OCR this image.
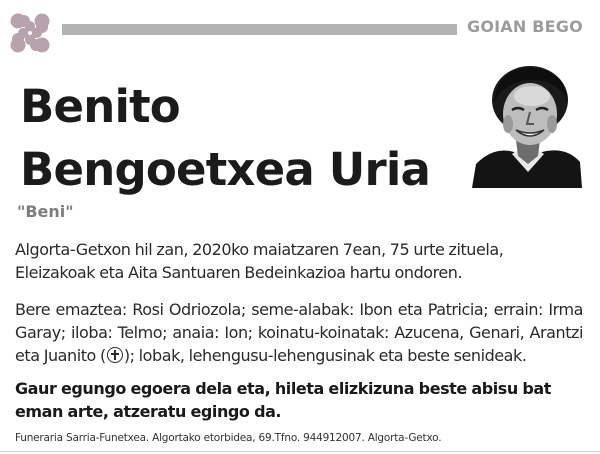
GOIAN BEGO
Benito
Bengoetxea Uria
"Beni"

Algorta-Getxon hil zan, 2020ko maiatzaren 7ean, 75 urte zituela, Eleizakoak eta Aita Santuaren Bedeinkazioa hartu ondoren.

Bere emaztea: Rosi Odriozola; seme-alabak: Ibon eta Patricia; errain: Irma Garay; iloba: Telmo; anaia: Ion; koinatu-koinatak: Azucena, Genari, Arantzi eta Juanito ( ); lobak, lehengusu-lehengusinak eta beste senideak.

Gaur egungo egoera dela eta, hileta elizkizuna beste abisu bat eman arte, atzeratu egingo da.

Funeraria Sarria-Funetxea. Algortako etorbidea, 69.Tfno. 944912007. Algorta-Getxo.
